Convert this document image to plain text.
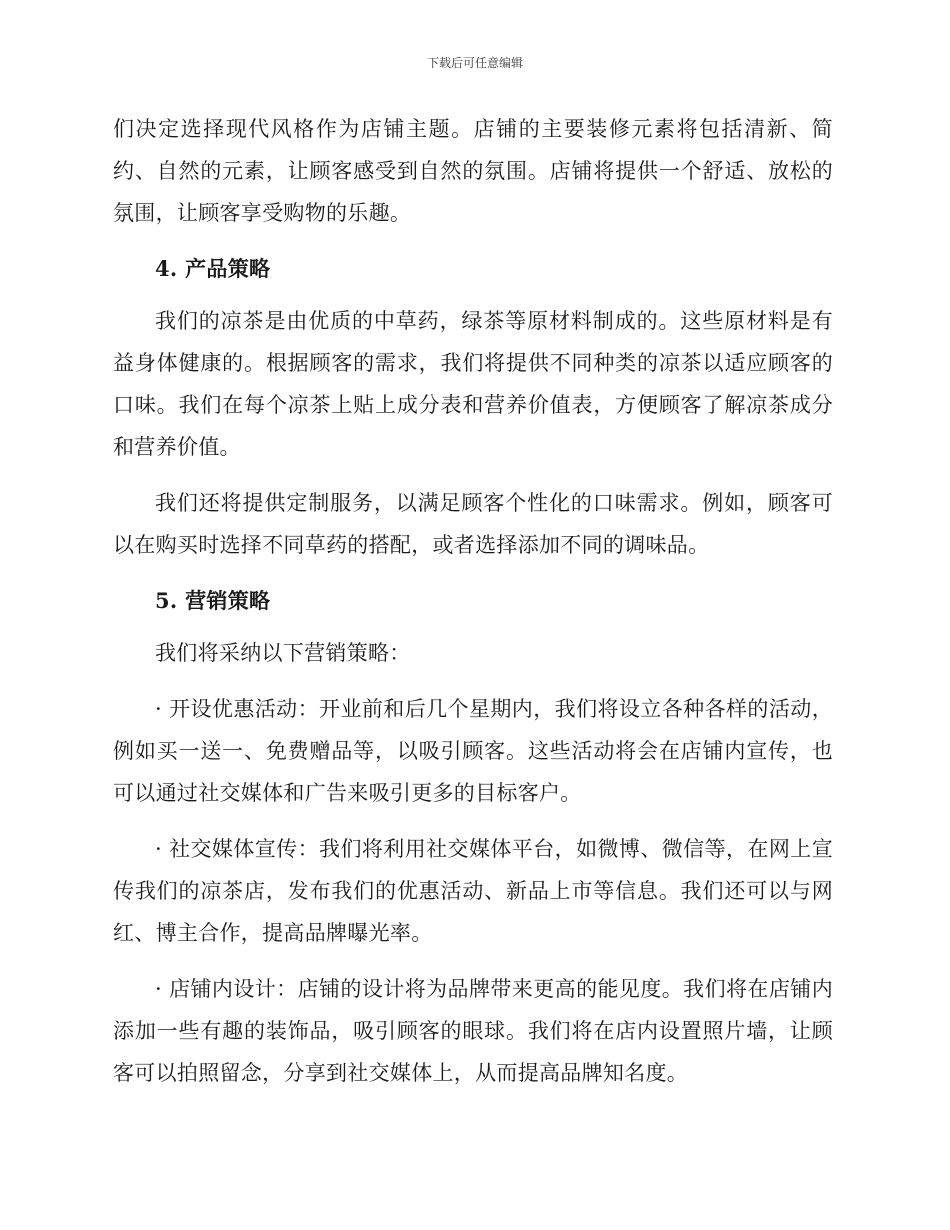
下载后可任意编辑

们决定选择现代风格作为店铺主题。店铺的主要装修元素将包括清新、简约、自然的元素，让顾客感受到自然的氛围。店铺将提供一个舒适、放松的氛围，让顾客享受购物的乐趣。

4. 产品策略

我们的凉茶是由优质的中草药，绿茶等原材料制成的。这些原材料是有益身体健康的。根据顾客的需求，我们将提供不同种类的凉茶以适应顾客的口味。我们在每个凉茶上贴上成分表和营养价值表，方便顾客了解凉茶成分和营养价值。

我们还将提供定制服务，以满足顾客个性化的口味需求。例如，顾客可以在购买时选择不同草药的搭配，或者选择添加不同的调味品。

5. 营销策略

我们将采纳以下营销策略：

· 开设优惠活动：开业前和后几个星期内，我们将设立各种各样的活动，例如买一送一、免费赠品等，以吸引顾客。这些活动将会在店铺内宣传，也可以通过社交媒体和广告来吸引更多的目标客户。

· 社交媒体宣传：我们将利用社交媒体平台，如微博、微信等，在网上宣传我们的凉茶店，发布我们的优惠活动、新品上市等信息。我们还可以与网红、博主合作，提高品牌曝光率。

· 店铺内设计：店铺的设计将为品牌带来更高的能见度。我们将在店铺内添加一些有趣的装饰品，吸引顾客的眼球。我们将在店内设置照片墙，让顾客可以拍照留念，分享到社交媒体上，从而提高品牌知名度。
